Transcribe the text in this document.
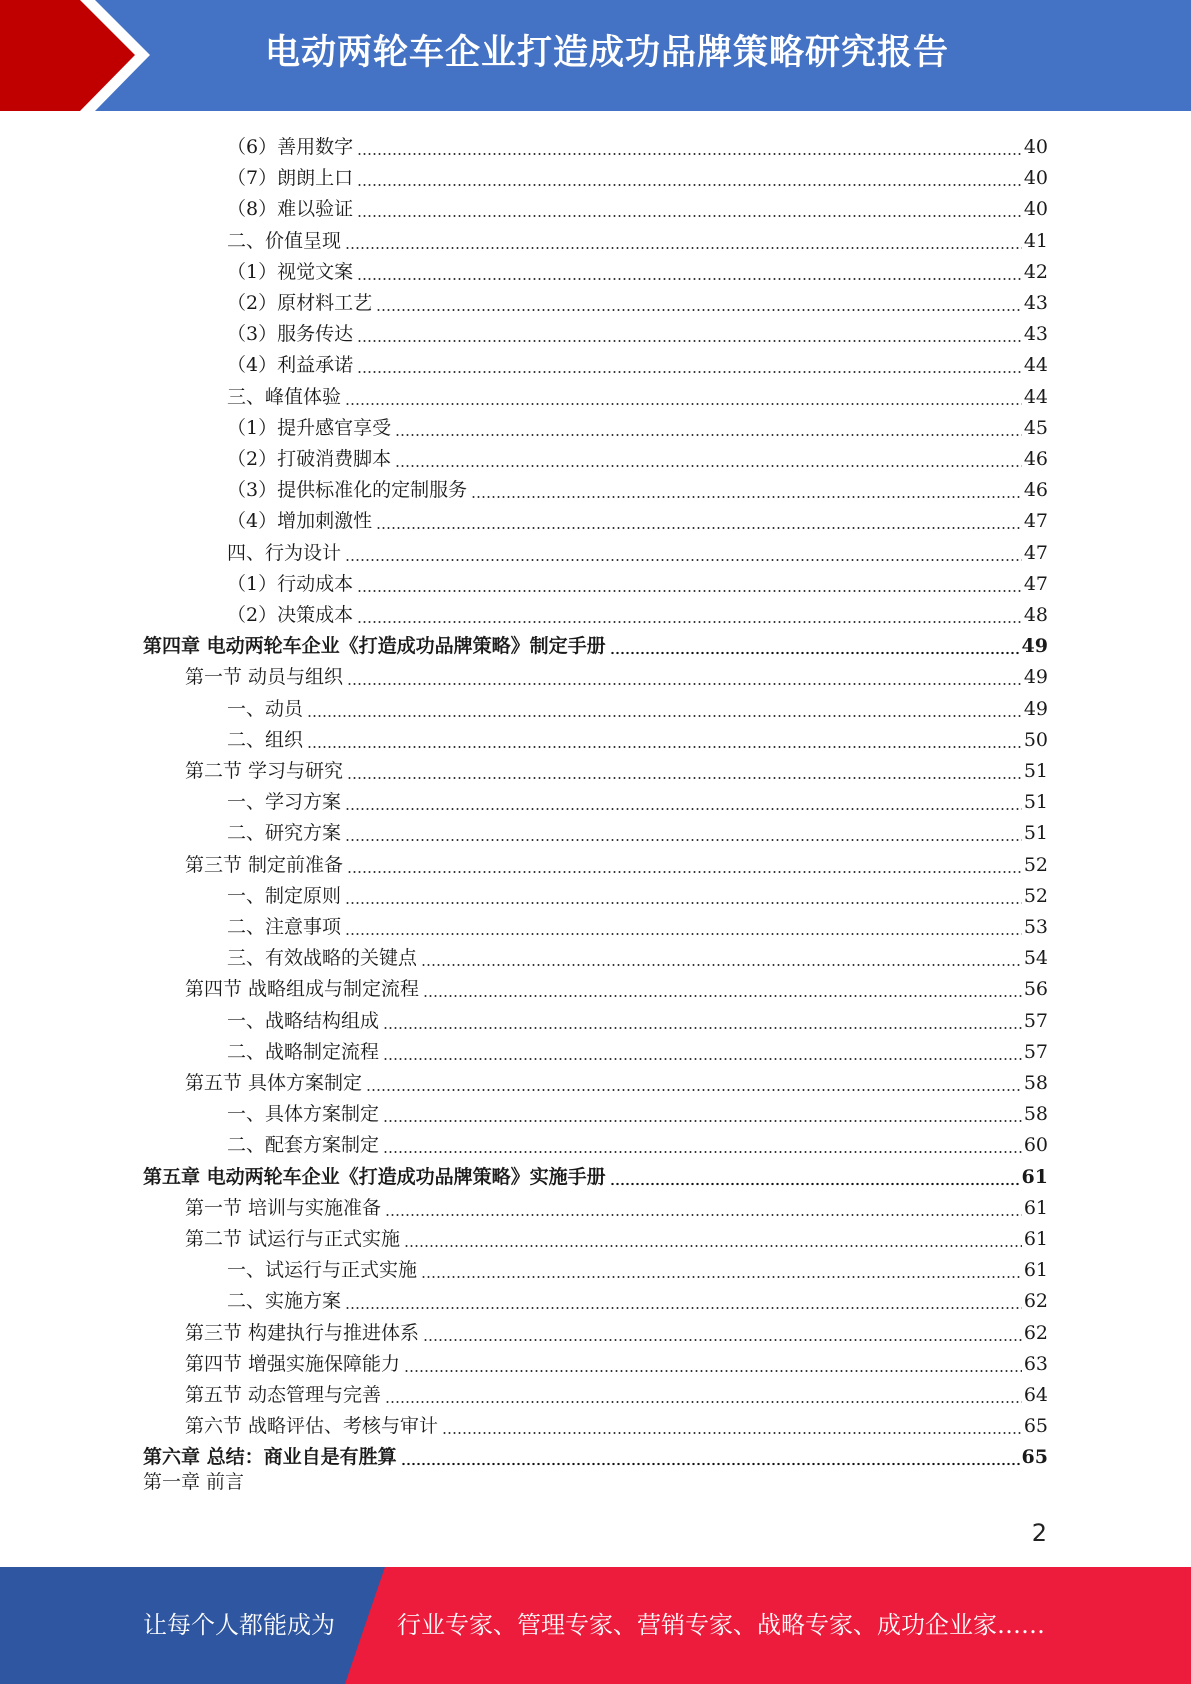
电动两轮车企业打造成功品牌策略研究报告
（6）善用数字	40
（7）朗朗上口	40
（8）难以验证	40
二、价值呈现	41
（1）视觉文案	42
（2）原材料工艺	43
（3）服务传达	43
（4）利益承诺	44
三、峰值体验	44
（1）提升感官享受	45
（2）打破消费脚本	46
（3）提供标准化的定制服务	46
（4）增加刺激性	47
四、行为设计	47
（1）行动成本	47
（2）决策成本	48
第四章 电动两轮车企业《打造成功品牌策略》制定手册	49
第一节 动员与组织	49
一、动员	49
二、组织	50
第二节 学习与研究	51
一、学习方案	51
二、研究方案	51
第三节 制定前准备	52
一、制定原则	52
二、注意事项	53
三、有效战略的关键点	54
第四节 战略组成与制定流程	56
一、战略结构组成	57
二、战略制定流程	57
第五节 具体方案制定	58
一、具体方案制定	58
二、配套方案制定	60
第五章 电动两轮车企业《打造成功品牌策略》实施手册	61
第一节 培训与实施准备	61
第二节 试运行与正式实施	61
一、试运行与正式实施	61
二、实施方案	62
第三节 构建执行与推进体系	62
第四节 增强实施保障能力	63
第五节 动态管理与完善	64
第六节 战略评估、考核与审计	65
第六章 总结：商业自是有胜算	65
第一章 前言
2
让每个人都能成为	行业专家、管理专家、营销专家、战略专家、成功企业家……
